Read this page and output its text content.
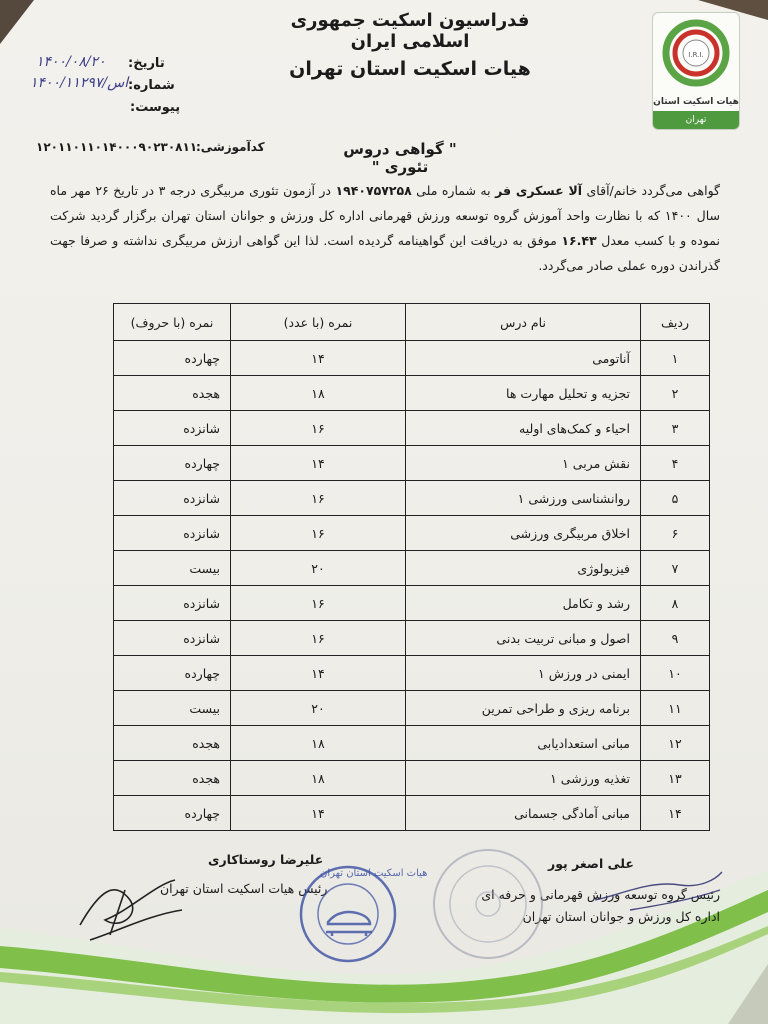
فدراسیون اسکیت جمهوری اسلامی ایران
هیات اسکیت استان تهران
I.R.I.
هیات اسکیت استان
تهران
تاریخ:
۱۴۰۰/۰۸/۲۰
شماره:
۱۴۰۰/۱۱۲۹۷/اس
پیوست:
" گواهی دروس تئوری "
کدآموزشی:
۱۲۰۱۱۰۱۱۰۱۴۰۰۰۹۰۲۳۰۸۱۱
گواهی می‌گردد خانم/آقای آلا عسکری فر به شماره ملی ۱۹۴۰۷۵۷۲۵۸ در آزمون تئوری مربیگری درجه ۳ در تاریخ ۲۶ مهر ماه سال ۱۴۰۰ که با نظارت واحد آموزش گروه توسعه ورزش قهرمانی اداره کل ورزش و جوانان استان تهران برگزار گردید شرکت نموده و با کسب معدل ۱۶.۴۳ موفق به دریافت این گواهینامه گردیده است. لذا این گواهی ارزش مربیگری نداشته و صرفا جهت گذراندن دوره عملی صادر می‌گردد.
ردیف	نام درس	نمره (با عدد)	نمره (با حروف)
۱	آناتومی	۱۴	چهارده
۲	تجزیه و تحلیل مهارت ها	۱۸	هجده
۳	احیاء و کمک‌های اولیه	۱۶	شانزده
۴	نقش مربی ۱	۱۴	چهارده
۵	روانشناسی ورزشی ۱	۱۶	شانزده
۶	اخلاق مربیگری ورزشی	۱۶	شانزده
۷	فیزیولوژی	۲۰	بیست
۸	رشد و تکامل	۱۶	شانزده
۹	اصول و مبانی تربیت بدنی	۱۶	شانزده
۱۰	ایمنی در ورزش ۱	۱۴	چهارده
۱۱	برنامه ریزی و طراحی تمرین	۲۰	بیست
۱۲	مبانی استعدادیابی	۱۸	هجده
۱۳	تغذیه ورزشی ۱	۱۸	هجده
۱۴	مبانی آمادگی جسمانی	۱۴	چهارده
علیرضا روستاکاری
رئیس هیات اسکیت استان تهران
علی اصغر پور
رئیس گروه توسعه ورزش قهرمانی و حرفه ای
اداره کل ورزش و جوانان استان تهران
هیات اسکیت استان تهران
